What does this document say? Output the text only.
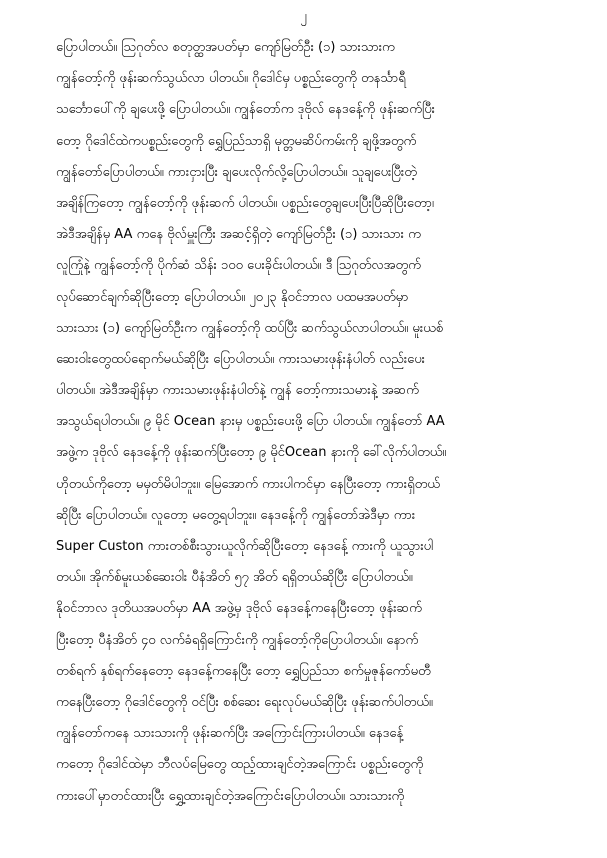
၂
ပြောပါတယ်။ ဩဂုတ်လ စတုတ္ထအပတ်မှာ ကျော်မြတ်ဦး (၁) သားသားက
ကျွန်တော့်ကို ဖုန်းဆက်သွယ်လာ ပါတယ်။ ဂိုဒေါင်မှ ပစ္စည်းတွေကို တနင်္သာရီ
သင်္ဘောပေါ်ကို ချပေးဖို့ ပြောပါတယ်။ ကျွန်တော်က ဒုဗိုလ် နေဒနေ့်ကို ဖုန်းဆက်ပြီး
တော့ ဂိုဒေါင်ထဲကပစ္စည်းတွေကို ရွှေပြည်သာရှိ မုတ္တမဆိပ်ကမ်းကို ချဖို့အတွက်
ကျွန်တော်ပြောပါတယ်။ ကားငှားပြီး ချပေးလိုက်လို့ပြောပါတယ်။ သူချပေးပြီးတဲ့
အချိန်ကြတော့ ကျွန်တော့်ကို ဖုန်းဆက် ပါတယ်။ ပစ္စည်းတွေချပေးပြီးပြီဆိုပြီးတော့၊
အဲဒီအချိန်မှ AA ကနေ ဗိုလ်မှူးကြီး အဆင့်ရှိတဲ့ ကျော်မြတ်ဦး (၁) သားသား က
လူကြုံနဲ့ ကျွန်တော့်ကို ပိုက်ဆံ သိန်း ၁၀၀ ပေးခိုင်းပါတယ်။ ဒီ ဩဂုတ်လအတွက်
လုပ်ဆောင်ချက်ဆိုပြီးတော့ ပြောပါတယ်။ ၂၀၂၃ နိုဝင်ဘာလ ပထမအပတ်မှာ
သားသား (၁) ကျော်မြတ်ဦးက ကျွန်တော့်ကို ထပ်ပြီး ဆက်သွယ်လာပါတယ်။ မူးယစ်
ဆေးဝါးတွေထပ်ရောက်မယ်ဆိုပြီး ပြောပါတယ်။ ကားသမားဖုန်းနံပါတ် လည်းပေး
ပါတယ်။ အဲဒီအချိန်မှာ ကားသမားဖုန်းနံပါတ်နဲ့ ကျွန် တော့်ကားသမားနဲ့ အဆက်
အသွယ်ရပါတယ်။ ၉ မိုင် Ocean နားမှ ပစ္စည်းပေးဖို့ ပြော ပါတယ်။ ကျွန်တော် AA
အဖွဲ့က ဒုဗိုလ် နေဒနေ့်ကို ဖုန်းဆက်ပြီးတော့ ၉ မိုင်Ocean နားကို ခေါ်လိုက်ပါတယ်။
ဟိုတယ်ကိုတော့ မမှတ်မိပါဘူး။ မြေအောက် ကားပါကင်မှာ နေပြီးတော့ ကားရှိတယ်
ဆိုပြီး ပြောပါတယ်။ လူတော့ မတွေ့ရပါဘူး။ နေဒနေ့်ကို ကျွန်တော်အဲဒီမှာ ကား
Super Custon ကားတစ်စီးသွားယူလိုက်ဆိုပြီးတော့ နေဒနေ့် ကားကို ယူသွားပါ
တယ်။ အိုက်စ်မူးယစ်ဆေးဝါး ပီနံအိတ် ၅၇ အိတ် ရရှိတယ်ဆိုပြီး ပြောပါတယ်။
နိုဝင်ဘာလ ဒုတိယအပတ်မှာ AA အဖွဲ့မှ ဒုဗိုလ် နေဒနေ့်ကနေပြီးတော့ ဖုန်းဆက်
ပြီးတော့ ပီနံအိတ် ၄၀ လက်ခံရရှိကြောင်းကို ကျွန်တော့်ကိုပြောပါတယ်။ နောက်
တစ်ရက် နှစ်ရက်နေတော့ နေဒနေ့်ကနေပြီး တော့ ရွှေပြည်သာ စက်မှုဇုန်ကော်မတီ
ကနေပြီးတော့ ဂိုဒေါင်တွေကို ဝင်ပြီး စစ်ဆေး ရေးလုပ်မယ်ဆိုပြီး ဖုန်းဆက်ပါတယ်။
ကျွန်တော်ကနေ သားသားကို ဖုန်းဆက်ပြီး အကြောင်းကြားပါတယ်။ နေဒနေ့်
ကတော့ ဂိုဒေါင်ထဲမှာ ဘီလပ်မြေတွေ ထည့်ထားချင်တဲ့အကြောင်း ပစ္စည်းတွေကို
ကားပေါ်မှာတင်ထားပြီး ရွှေ့ထားချင်တဲ့အကြောင်းပြောပါတယ်။ သားသားကို
